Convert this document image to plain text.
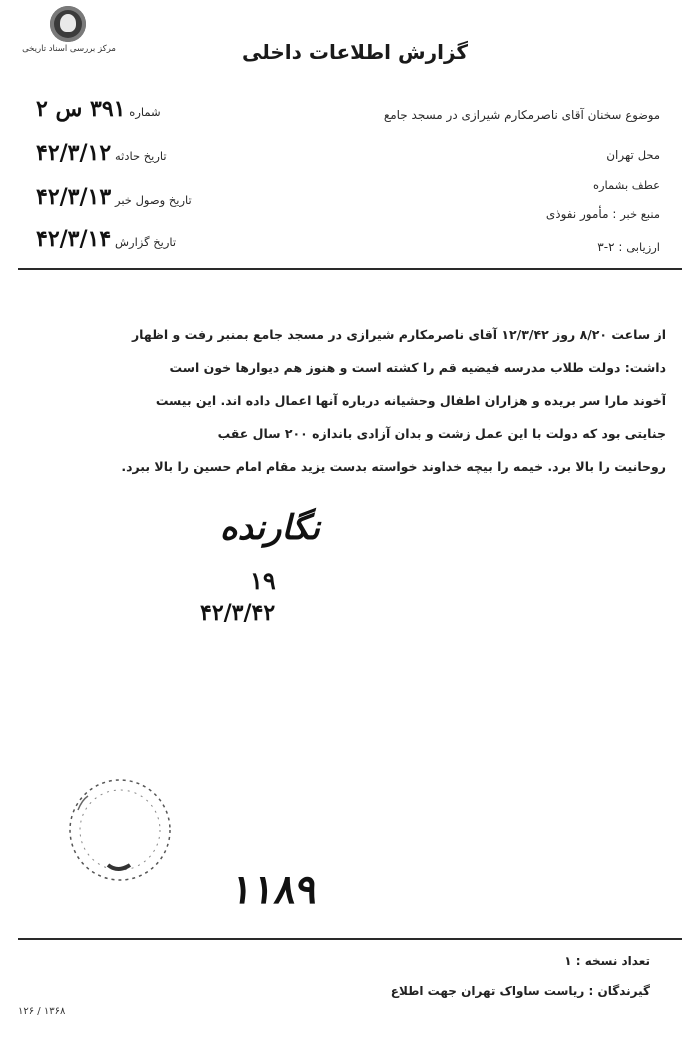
مرکز بررسی اسناد تاریخی	گزارش اطلاعات داخلی
موضوع سخنان آقای ناصرمکارم شیرازی در مسجد جامع
محل تهران
عطف بشماره
منبع خبر : مأمور نفوذی
ارزیابی : ۲-۳
شماره ۳۹۱ س ۲
تاریخ حادثه ۴۲/۳/۱۲
تاریخ وصول خبر ۴۲/۳/۱۳
تاریخ گزارش ۴۲/۳/۱۴

از ساعت ۸/۲۰ روز ۱۲/۳/۴۲ آقای ناصرمکارم شیرازی در مسجد جامع بمنبر رفت و اظهار

داشت: دولت طلاب مدرسه فیضیه قم را کشته است و هنوز هم دیوارها خون است

آخوند مارا سر بریده و هزاران اطفال وحشیانه درباره آنها اعمال داده اند. این بیست

جنایتی بود که دولت با این عمل زشت و بدان آزادی باندازه ۲۰۰ سال عقب

روحانیت را بالا برد. خیمه را بیچه خداوند خواسته بدست یزید مقام امام حسین را بالا ببرد.

نگارنده
۱۹
۴۲/۳/۴۲
۱۱۸۹
تعداد نسخه : ۱
گیرندگان : ریاست ساواک تهران جهت اطلاع
۱۳۶۸ / ۱۲۶
